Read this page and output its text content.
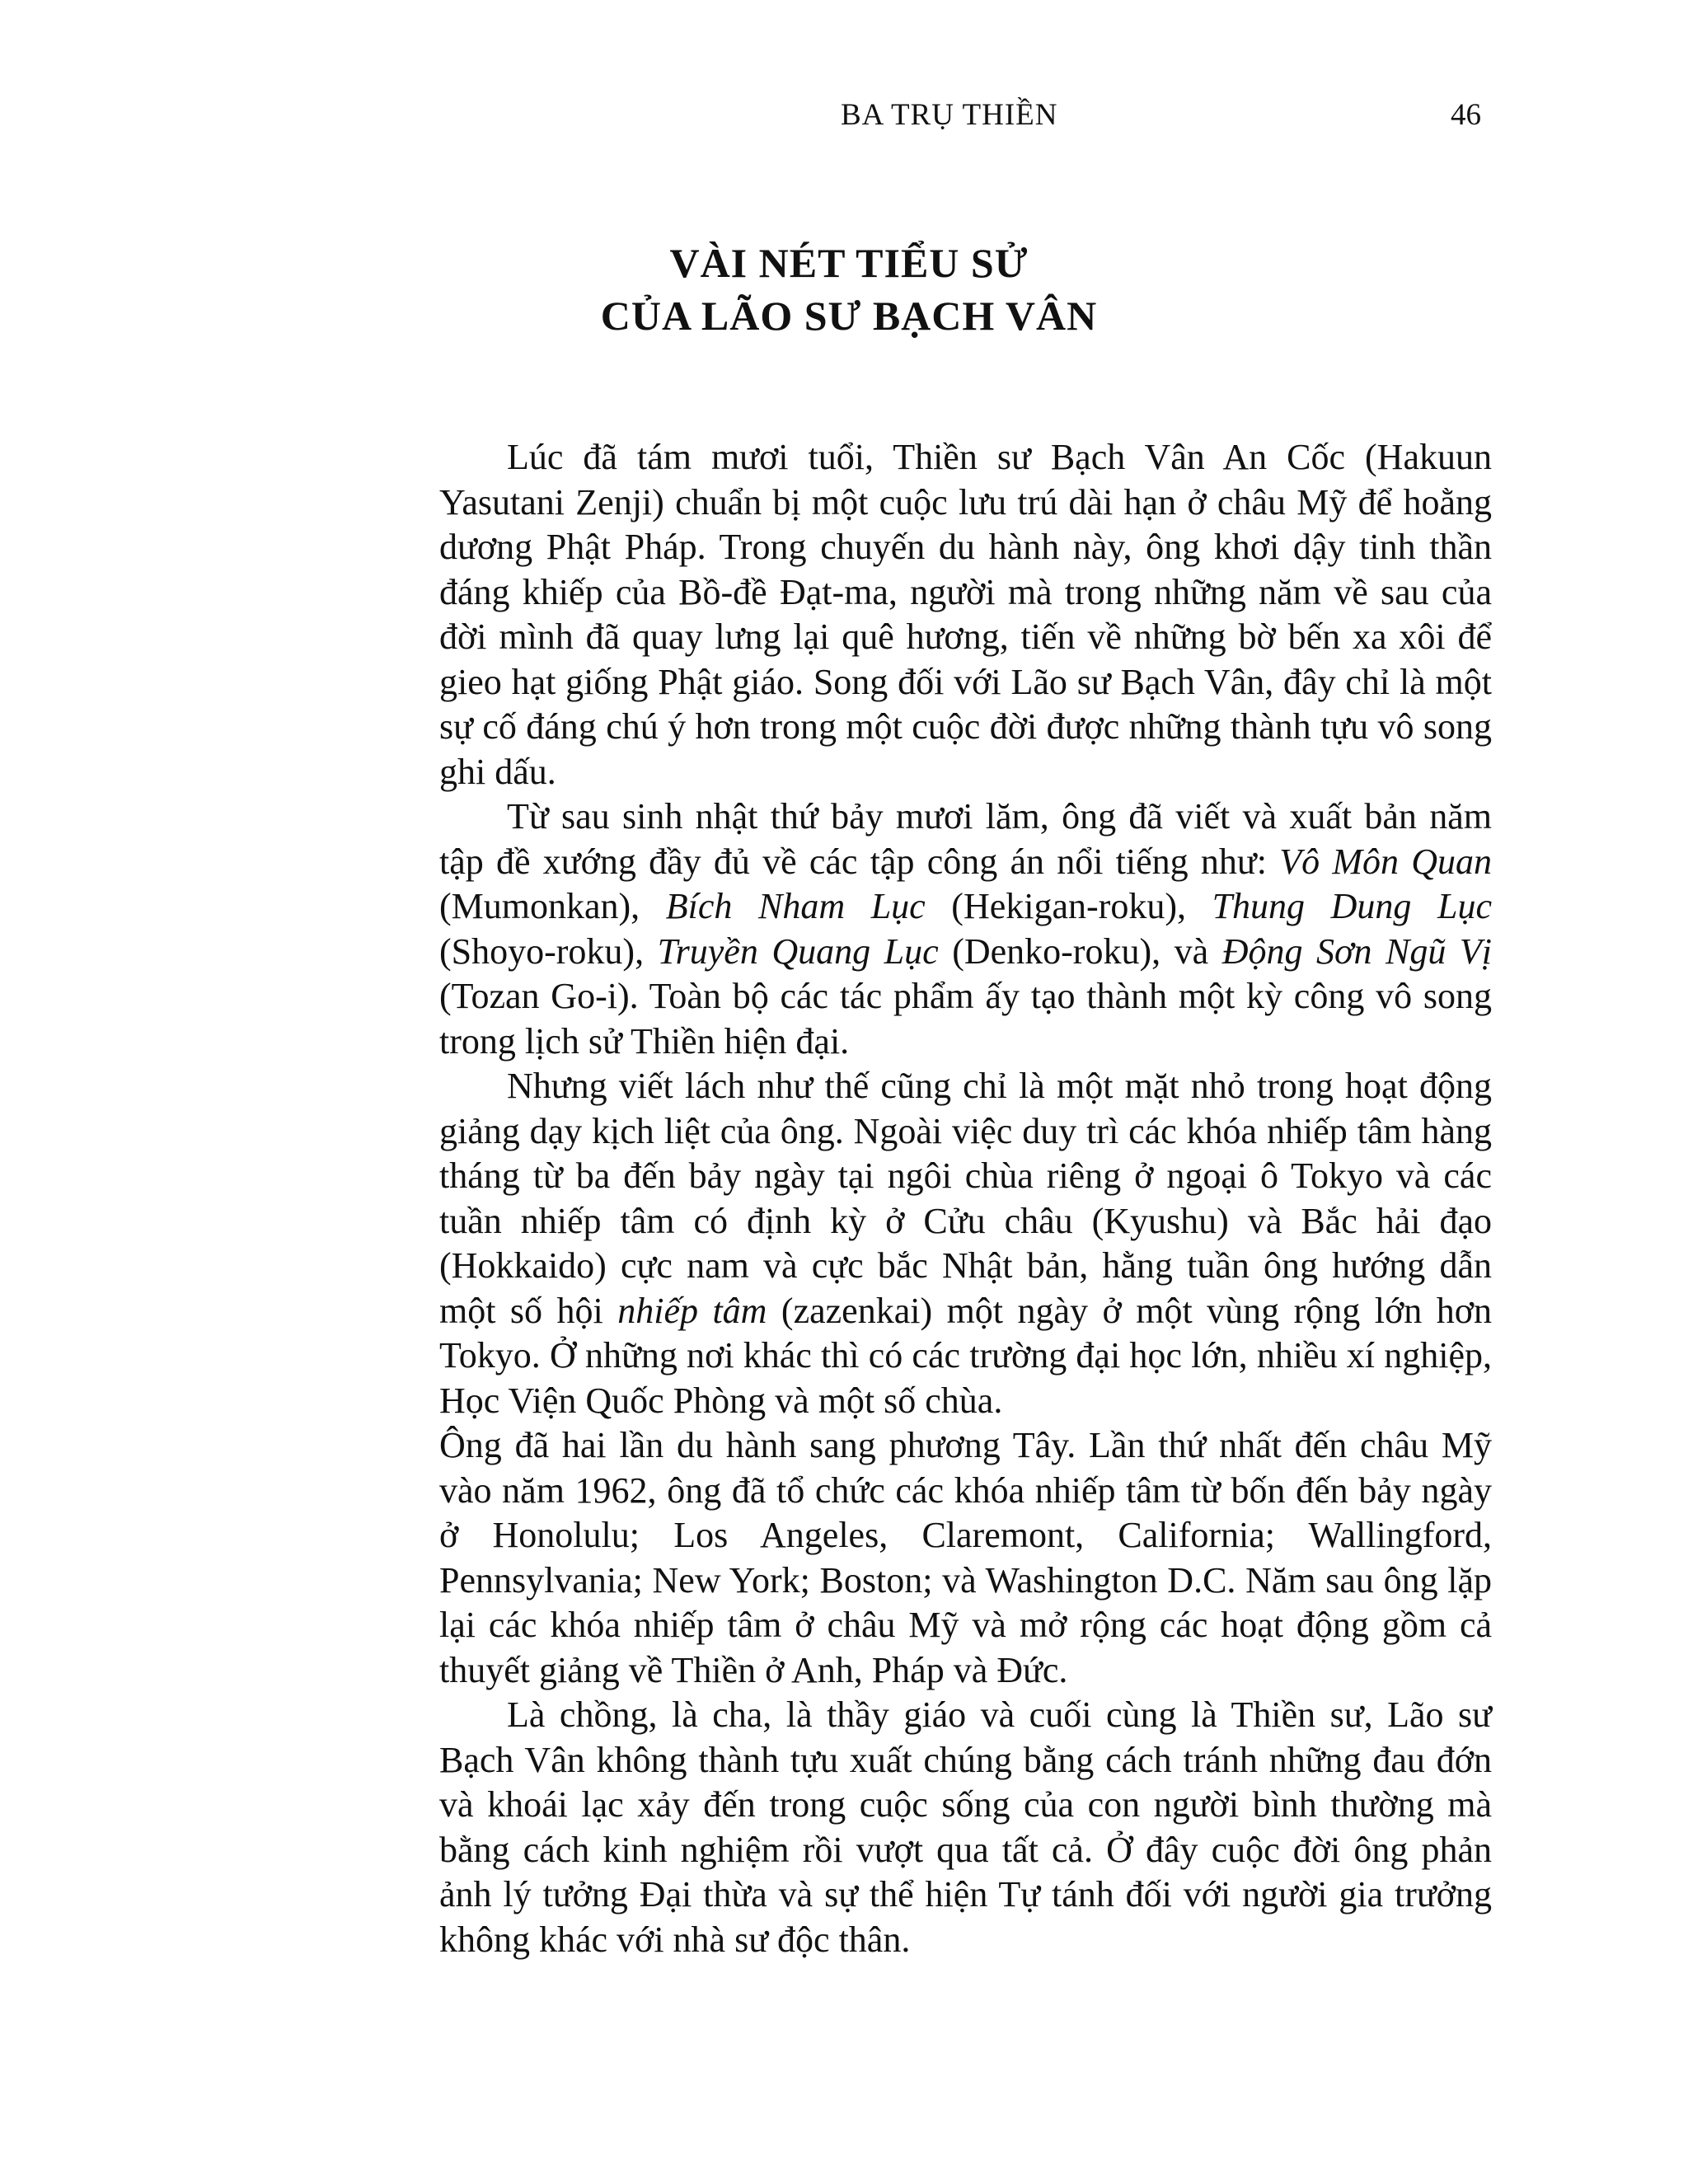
BA TRỤ THIỀN	46
VÀI NÉT TIỂU SỬ
CỦA LÃO SƯ BẠCH VÂN

Lúc đã tám mươi tuổi, Thiền sư Bạch Vân An Cốc (Hakuun Yasutani Zenji) chuẩn bị một cuộc lưu trú dài hạn ở châu Mỹ để hoằng dương Phật Pháp. Trong chuyến du hành này, ông khơi dậy tinh thần đáng khiếp của Bồ-đề Đạt-ma, người mà trong những năm về sau của đời mình đã quay lưng lại quê hương, tiến về những bờ bến xa xôi để gieo hạt giống Phật giáo. Song đối với Lão sư Bạch Vân, đây chỉ là một sự cố đáng chú ý hơn trong một cuộc đời được những thành tựu vô song ghi dấu.

Từ sau sinh nhật thứ bảy mươi lăm, ông đã viết và xuất bản năm tập đề xướng đầy đủ về các tập công án nổi tiếng như: Vô Môn Quan (Mumonkan), Bích Nham Lục (Hekigan-roku), Thung Dung Lục (Shoyo-roku), Truyền Quang Lục (Denko-roku), và Động Sơn Ngũ Vị (Tozan Go-i). Toàn bộ các tác phẩm ấy tạo thành một kỳ công vô song trong lịch sử Thiền hiện đại.

Nhưng viết lách như thế cũng chỉ là một mặt nhỏ trong hoạt động giảng dạy kịch liệt của ông. Ngoài việc duy trì các khóa nhiếp tâm hàng tháng từ ba đến bảy ngày tại ngôi chùa riêng ở ngoại ô Tokyo và các tuần nhiếp tâm có định kỳ ở Cửu châu (Kyushu) và Bắc hải đạo (Hokkaido) cực nam và cực bắc Nhật bản, hằng tuần ông hướng dẫn một số hội nhiếp tâm (zazenkai) một ngày ở một vùng rộng lớn hơn Tokyo. Ở những nơi khác thì có các trường đại học lớn, nhiều xí nghiệp, Học Viện Quốc Phòng và một số chùa.

Ông đã hai lần du hành sang phương Tây. Lần thứ nhất đến châu Mỹ vào năm 1962, ông đã tổ chức các khóa nhiếp tâm từ bốn đến bảy ngày ở Honolulu; Los Angeles, Claremont, California; Wallingford, Pennsylvania; New York; Boston; và Washington D.C. Năm sau ông lặp lại các khóa nhiếp tâm ở châu Mỹ và mở rộng các hoạt động gồm cả thuyết giảng về Thiền ở Anh, Pháp và Đức.

Là chồng, là cha, là thầy giáo và cuối cùng là Thiền sư, Lão sư Bạch Vân không thành tựu xuất chúng bằng cách tránh những đau đớn và khoái lạc xảy đến trong cuộc sống của con người bình thường mà bằng cách kinh nghiệm rồi vượt qua tất cả. Ở đây cuộc đời ông phản ảnh lý tưởng Đại thừa và sự thể hiện Tự tánh đối với người gia trưởng không khác với nhà sư độc thân.
